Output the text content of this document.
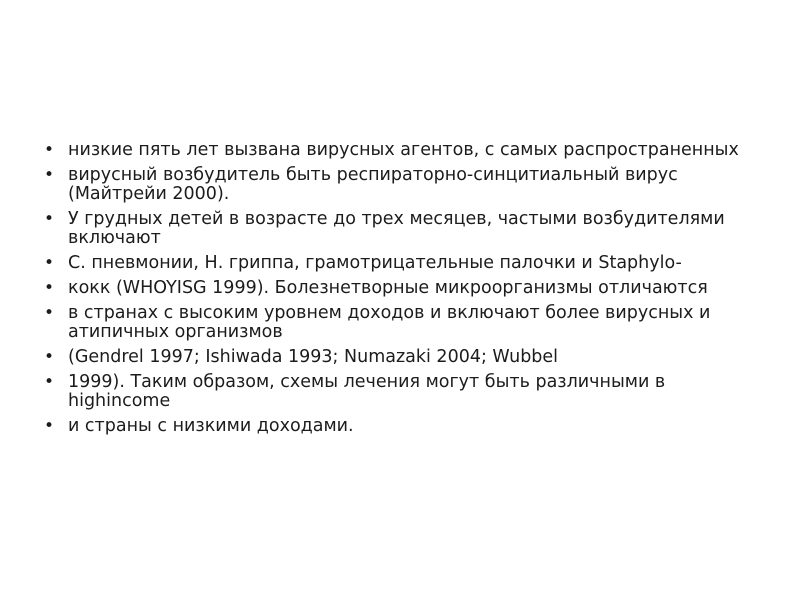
• низкие пять лет вызвана вирусных агентов, с самых распространенных
• вирусный возбудитель быть респираторно-синцитиальный вирус (Майтрейи 2000).
• У грудных детей в возрасте до трех месяцев, частыми возбудителями включают
• С. пневмонии, Н. гриппа, грамотрицательные палочки и Staphylo-
• кокк (WHOYISG 1999). Болезнетворные микроорганизмы отличаются
• в странах с высоким уровнем доходов и включают более вирусных и атипичных организмов
• (Gendrel 1997; Ishiwada 1993; Numazaki 2004; Wubbel
• 1999). Таким образом, схемы лечения могут быть различными в highincome
• и страны с низкими доходами.
